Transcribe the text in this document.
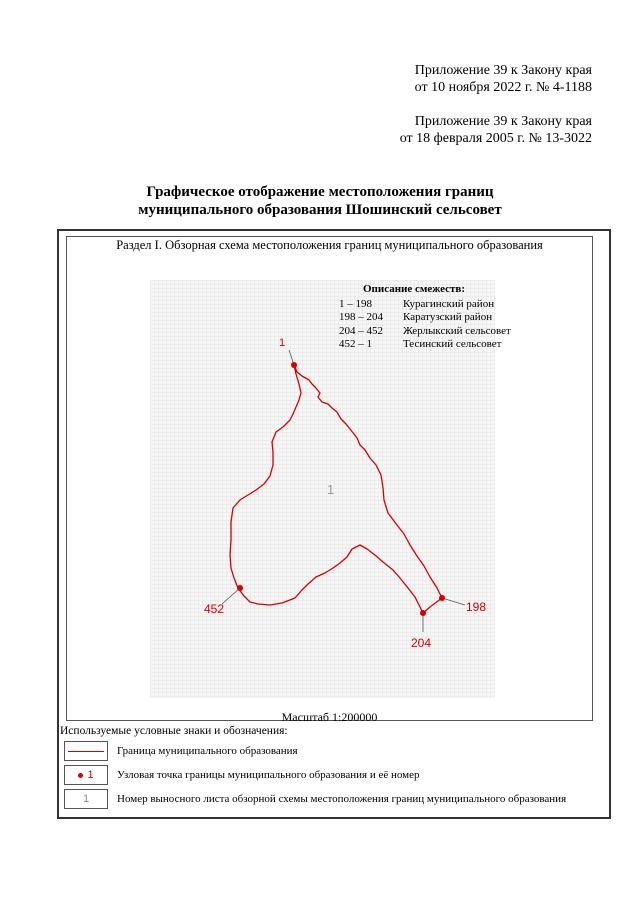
Приложение 39 к Закону края
от 10 ноября 2022 г. № 4-1188
Приложение 39 к Закону края
от 18 февраля 2005 г. № 13-3022
Графическое отображение местоположения границ
муниципального образования Шошинский сельсовет
Раздел I. Обзорная схема местоположения границ муниципального образования
1
198
204
452
1
Описание смежеств:
1 – 198	Курагинский район
198 – 204	Каратузский район
204 – 452	Жерлыкский сельсовет
452 – 1	Тесинский сельсовет
Масштаб 1:200000
Используемые условные знаки и обозначения:
Граница муниципального образования
1 Узловая точка границы муниципального образования и её номер
1	Номер выносного листа обзорной схемы местоположения границ муниципального образования
